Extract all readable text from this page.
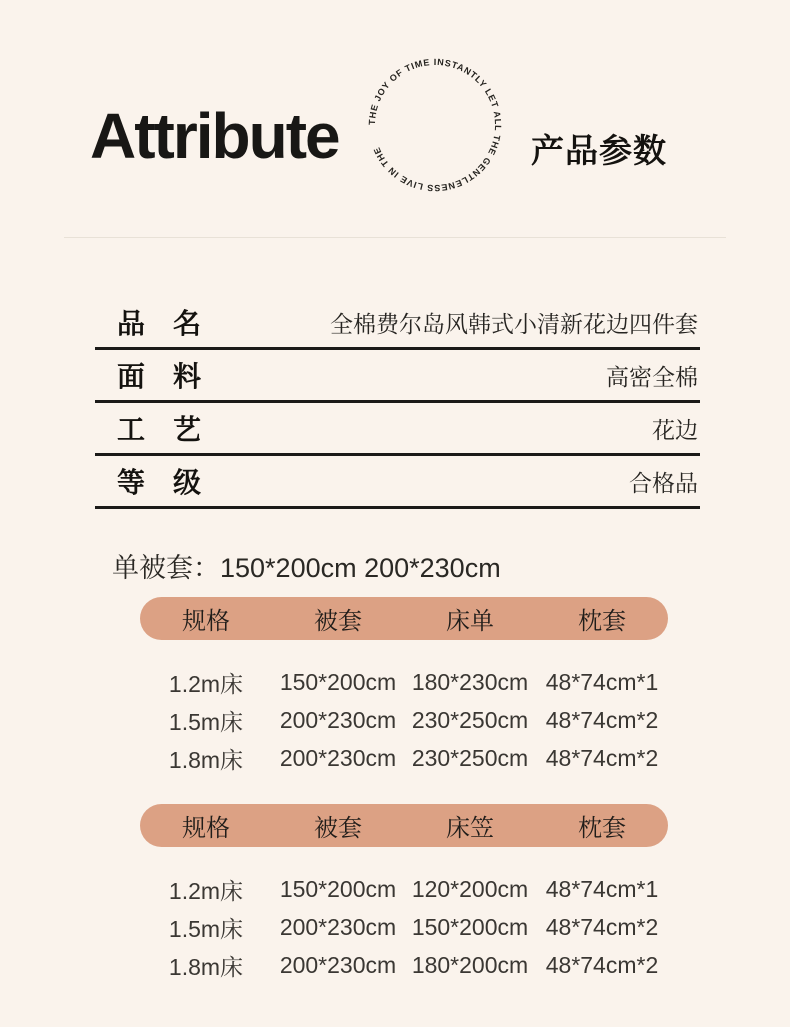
Attribute	THE JOY OF TIME INSTANTLY LET ALL THE GENTLENESS LIVE IN THE	产品参数
品　名	全棉费尔岛风韩式小清新花边四件套
面　料	高密全棉
工　艺	花边
等　级	合格品
单被套：150*200cm 200*230cm
规格	被套	床单	枕套
1.2m床	150*200cm 180*230cm 48*74cm*1
1.5m床	200*230cm 230*250cm 48*74cm*2
1.8m床	200*230cm 230*250cm 48*74cm*2
规格	被套	床笠	枕套
1.2m床	150*200cm 120*200cm 48*74cm*1
1.5m床	200*230cm 150*200cm 48*74cm*2
1.8m床	200*230cm 180*200cm 48*74cm*2
